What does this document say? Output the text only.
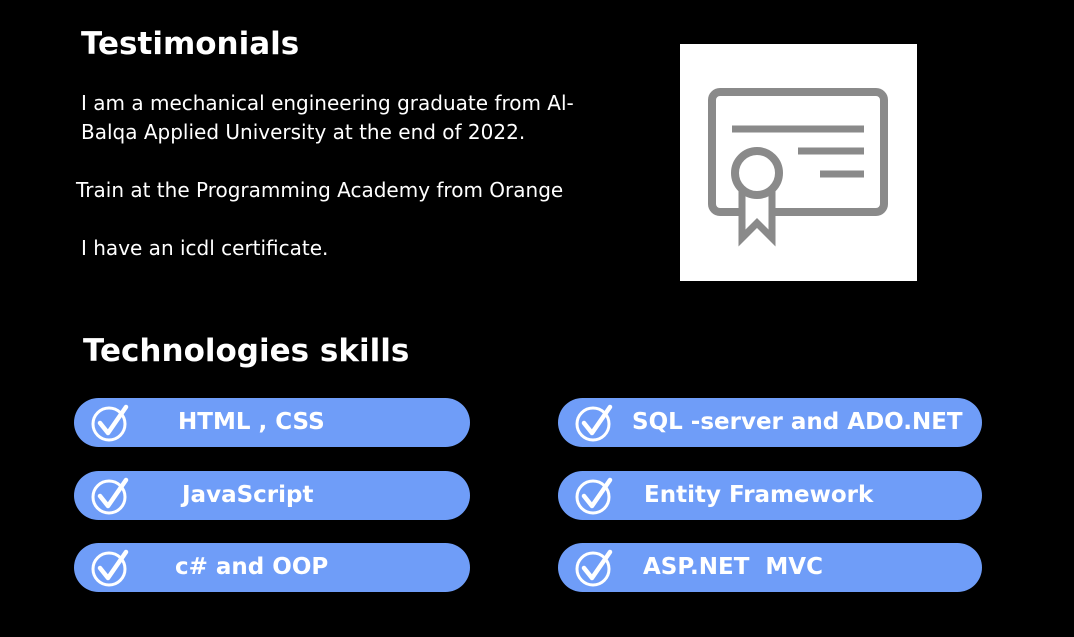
Testimonials

I am a mechanical engineering graduate from Al-Balqa Applied University at the end of 2022.

Train at the Programming Academy from Orange

I have an icdl certificate.

Technologies skills
HTML , CSS	SQL -server and ADO.NET
JavaScript	Entity Framework
c# and OOP	ASP.NET  MVC
